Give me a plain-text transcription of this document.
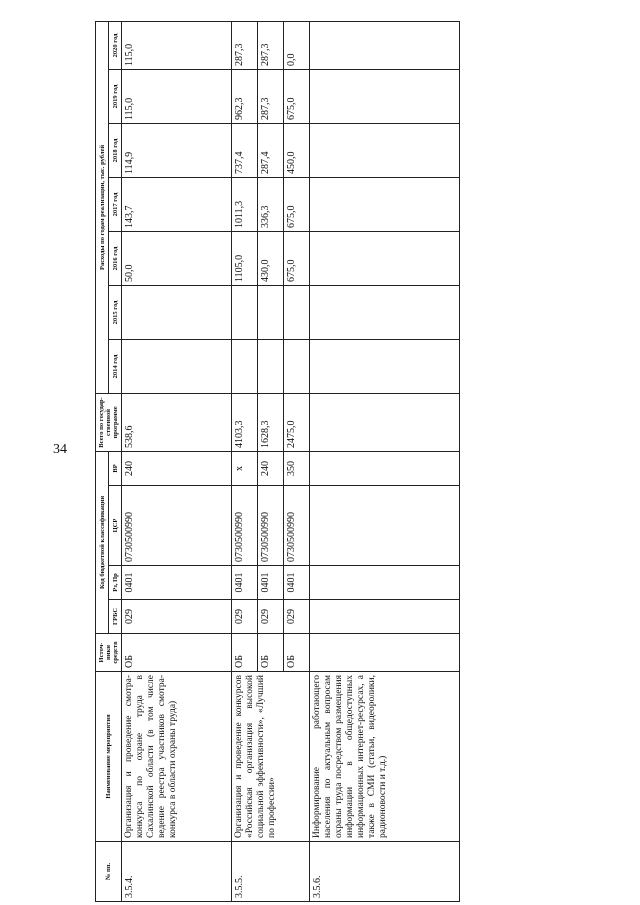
34
№ пп.	Наименование мероприятия	Источ-ники средств	Код бюджетной классификации				Всего по государ-ственной программе	Расходы по годам реализации, тыс. рублей						
			ГРБС	Рз, Пр	ЦСР	ВР		2014 год	2015 год	2016 год	2017 год	2018 год	2019 год	2020 год
3.5.4.	Организация и проведение смотра-конкурса по охране труда в Сахалинской области (в том числе ведение реестра участников смотра-конкурса в области охраны труда)	ОБ	029	0401	0730500990	240	538,6			50,0	143,7	114,9	115,0	115,0
3.5.5.	Организация и проведение конкурсов «Российская организация высокой социальной эффективности», «Лучший по профессии»	ОБ	029	0401	0730500990	х	4103,3			1105,0	1011,3	737,4	962,3	287,3
		ОБ	029	0401	0730500990	240	1628,3			430,0	336,3	287,4	287,3	287,3
		ОБ	029	0401	0730500990	350	2475,0			675,0	675,0	450,0	675,0	0,0
3.5.6.	Информирование работающего населения по актуальным вопросам охраны труда посредством размещения информации в общедоступных информационных интернет-ресурсах, а также в СМИ (статьи, видеоролики, радионовости и т.д.)													
